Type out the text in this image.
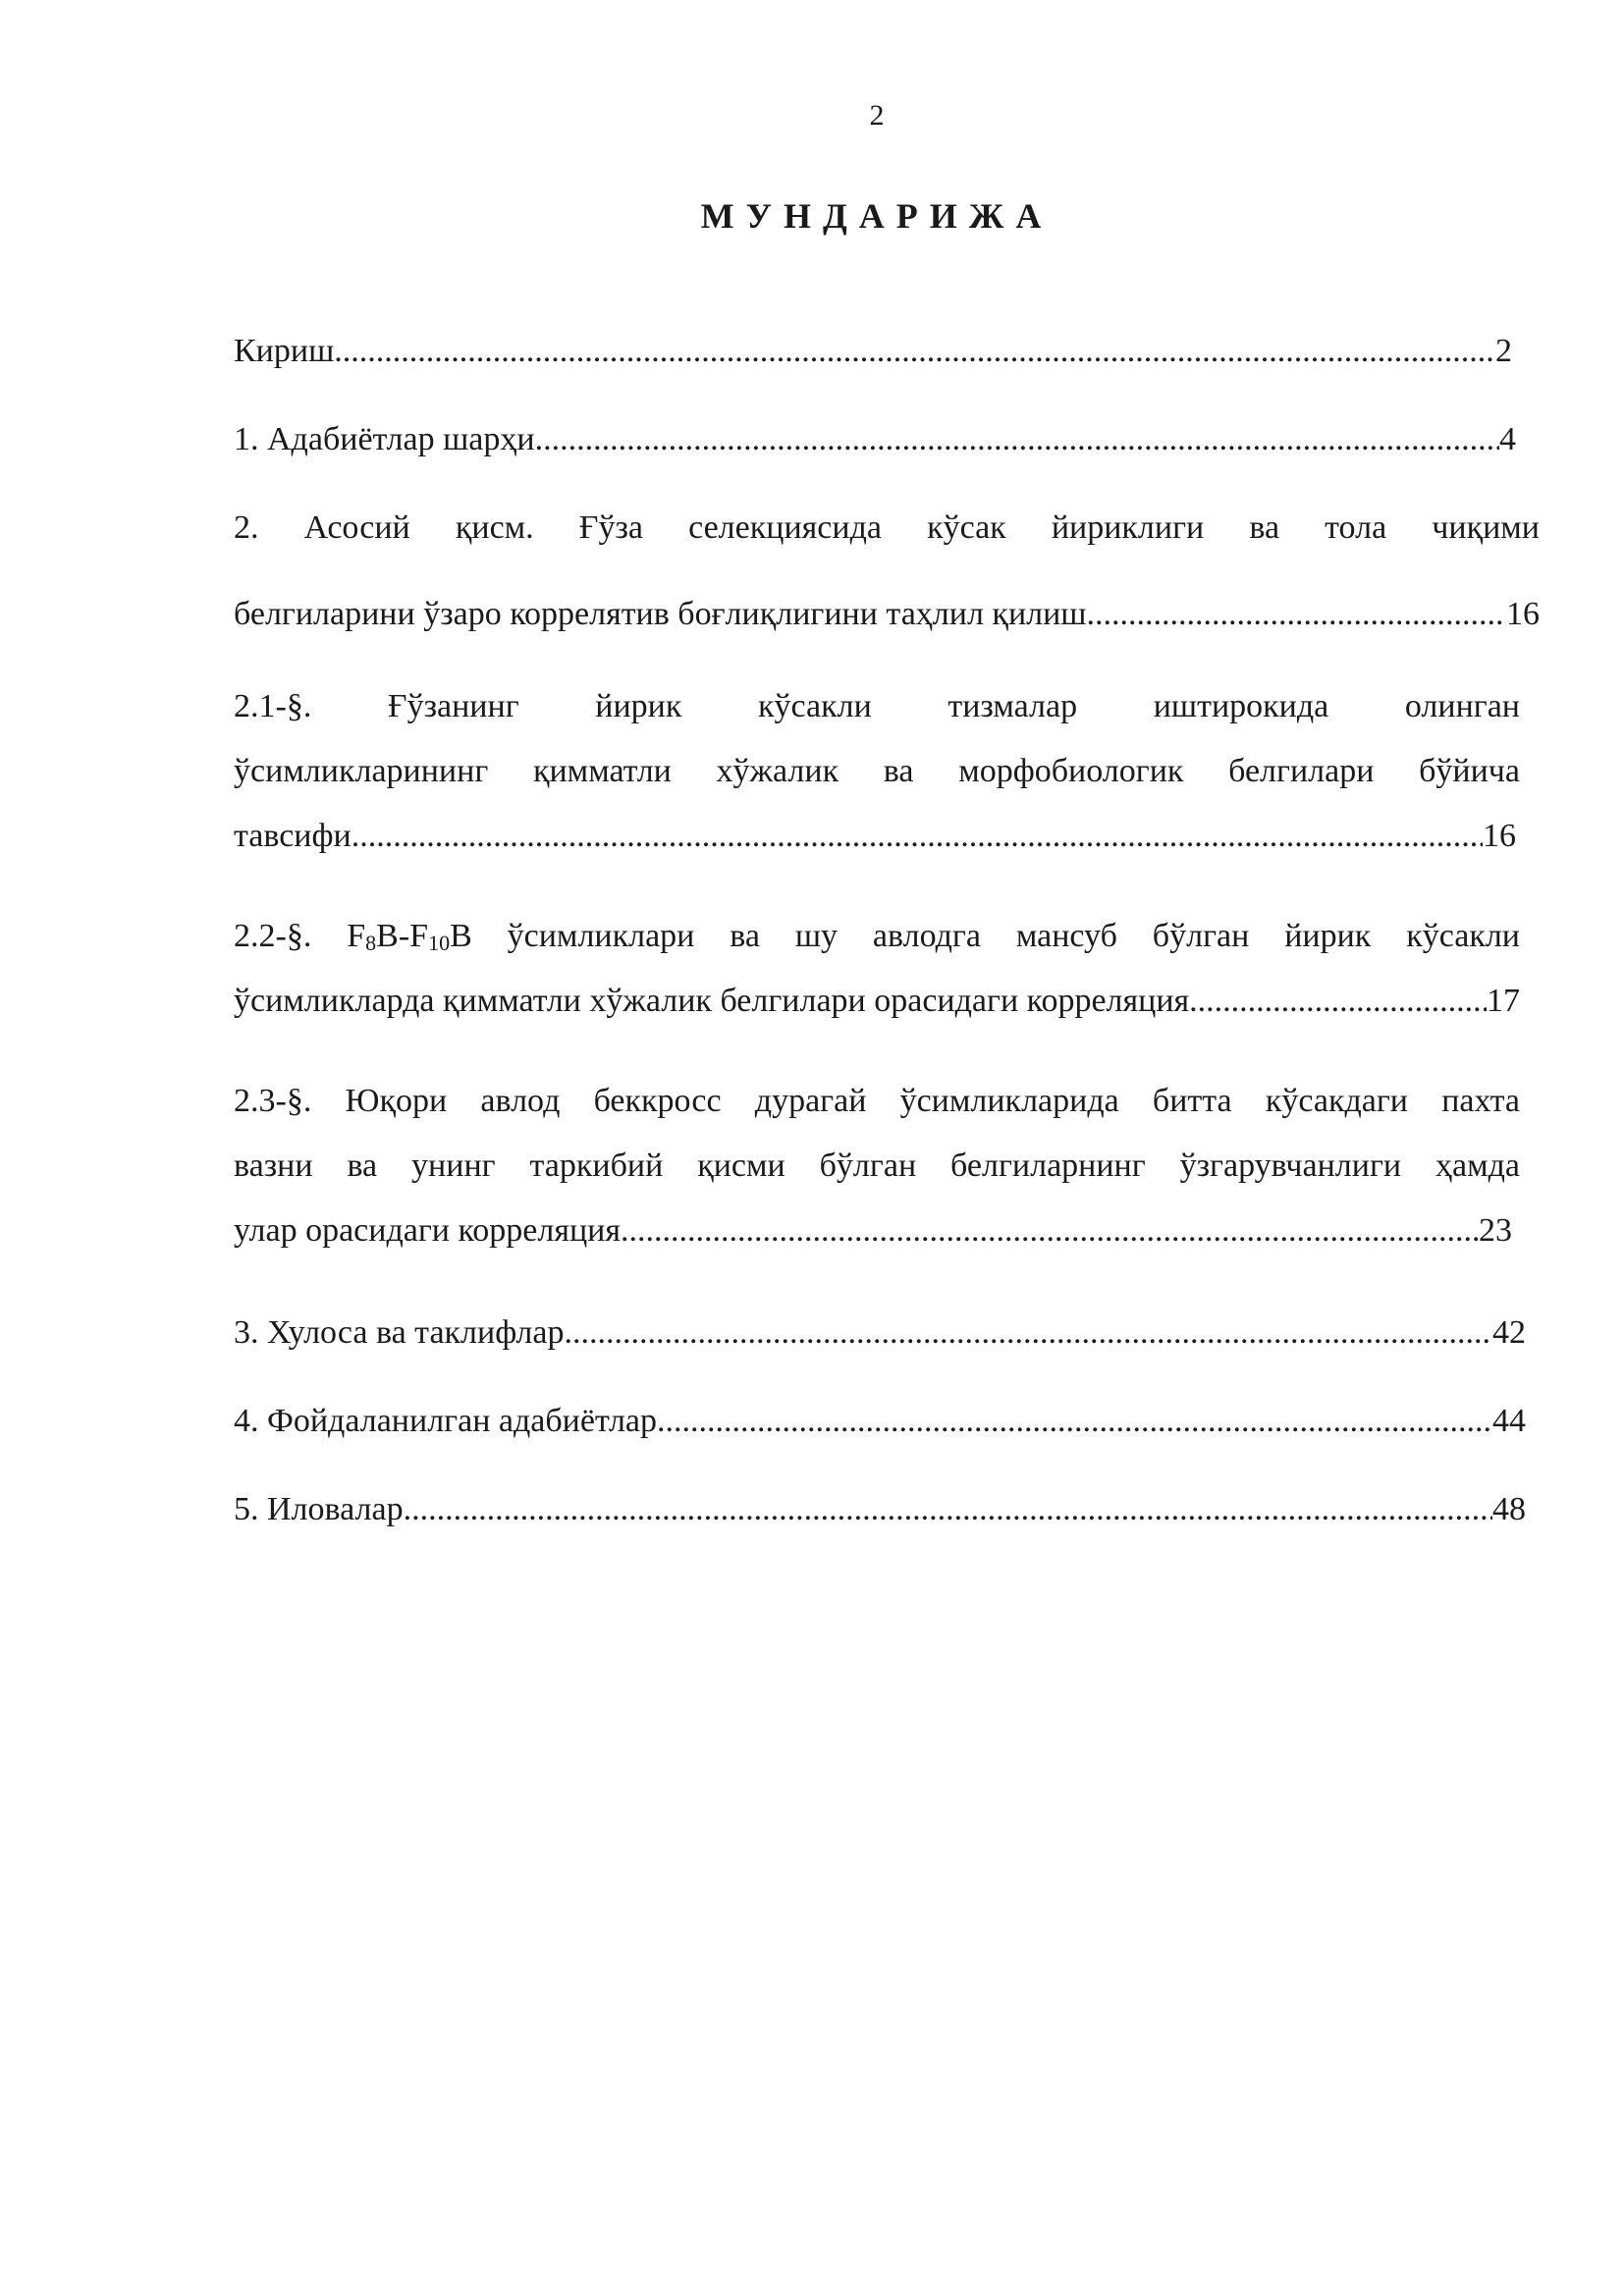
2
МУНДАРИЖА
Кириш .....	2
1. Адабиётлар шарҳи .....	4
2. Асосий қисм. Ғўза селекциясида кўсак йириклиги ва тола чиқими
белгиларини ўзаро коррелятив боғлиқлигини таҳлил қилиш .....	16
2.1-§. Ғўзанинг йирик кўсакли тизмалар иштирокида олинган
ўсимликларининг қимматли хўжалик ва морфобиологик белгилари бўйича
тавсифи .....	16
2.2-§. $F_8B-F_{10}B$ ўсимликлари ва шу авлодга мансуб бўлган йирик кўсакли
ўсимликларда қимматли хўжалик белгилари орасидаги корреляция .....	17
2.3-§. Юқори авлод беккросс дурагай ўсимликларида битта кўсакдаги пахта
вазни ва унинг таркибий қисми бўлган белгиларнинг ўзгарувчанлиги ҳамда
улар орасидаги корреляция .....	23
3. Хулоса ва таклифлар .....	42
4. Фойдаланилган адабиётлар .....	44
5. Иловалар .....	48
